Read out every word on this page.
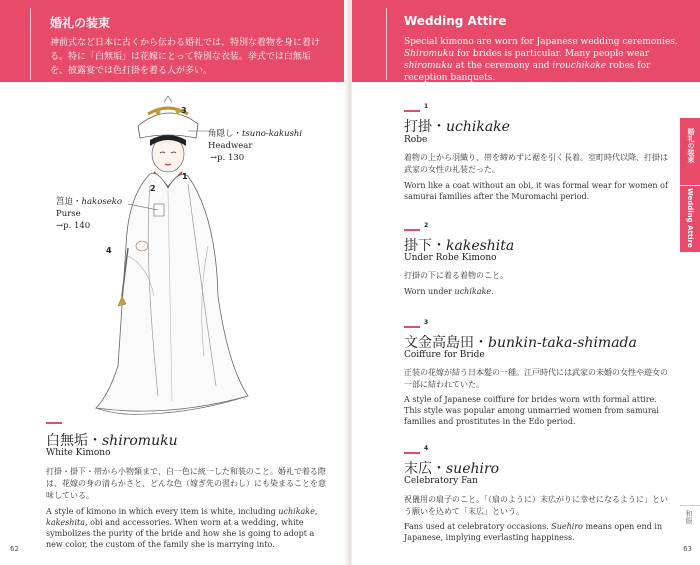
婚礼の装束

神前式など日本に古くから伝わる婚礼では、特別な着物を身に着ける。特に「白無垢」は花嫁にとって特別な衣装。挙式では白無垢を、披露宴では色打掛を着る人が多い。

3
角隠し・tsuno-kakushi
Headwear
→p. 130
筥迫・hakoseko
Purse
→p. 140
1
2
4
白無垢・shiromuku
White Kimono
打掛・掛下・帯から小物類まで、白一色に統一した和装のこと。婚礼で着る際は、花嫁の身の清らかさと、どんな色（嫁ぎ先の習わし）にも染まることを意味している。
A style of kimono in which every item is white, including uchikake, kakeshita, obi and accessories. When worn at a wedding, white symbolizes the purity of the bride and how she is going to adopt a new color, the custom of the family she is marrying into.
62
Wedding Attire

Special kimono are worn for Japanese wedding ceremonies. Shiromuku for brides is particular. Many people wear shiromuku at the ceremony and irouchikake robes for reception banquets.

1
打掛・uchikake
Robe
着物の上から羽織り、帯を締めずに裾を引く長着。室町時代以降、打掛は武家の女性の礼装だった。
Worn like a coat without an obi, it was formal wear for women of samurai families after the Muromachi period.
2
掛下・kakeshita
Under Robe Kimono
打掛の下に着る着物のこと。
Worn under uchikake.
3
文金高島田・bunkin-taka-shimada
Coiffure for Bride
正装の花嫁が結う日本髪の一種。江戸時代には武家の未婚の女性や遊女の一部に結われていた。
A style of Japanese coiffure for brides worn with formal attire. This style was popular among unmarried women from samurai families and prostitutes in the Edo period.
4
末広・suehiro
Celebratory Fan
祝儀用の扇子のこと。「（扇のように）末広がりに幸せになるように」という願いを込めて「末広」という。
Fans used at celebratory occasions. Suehiro means open end in Japanese, implying everlasting happiness.
婚礼の装束
Wedding Attire
和服
63
